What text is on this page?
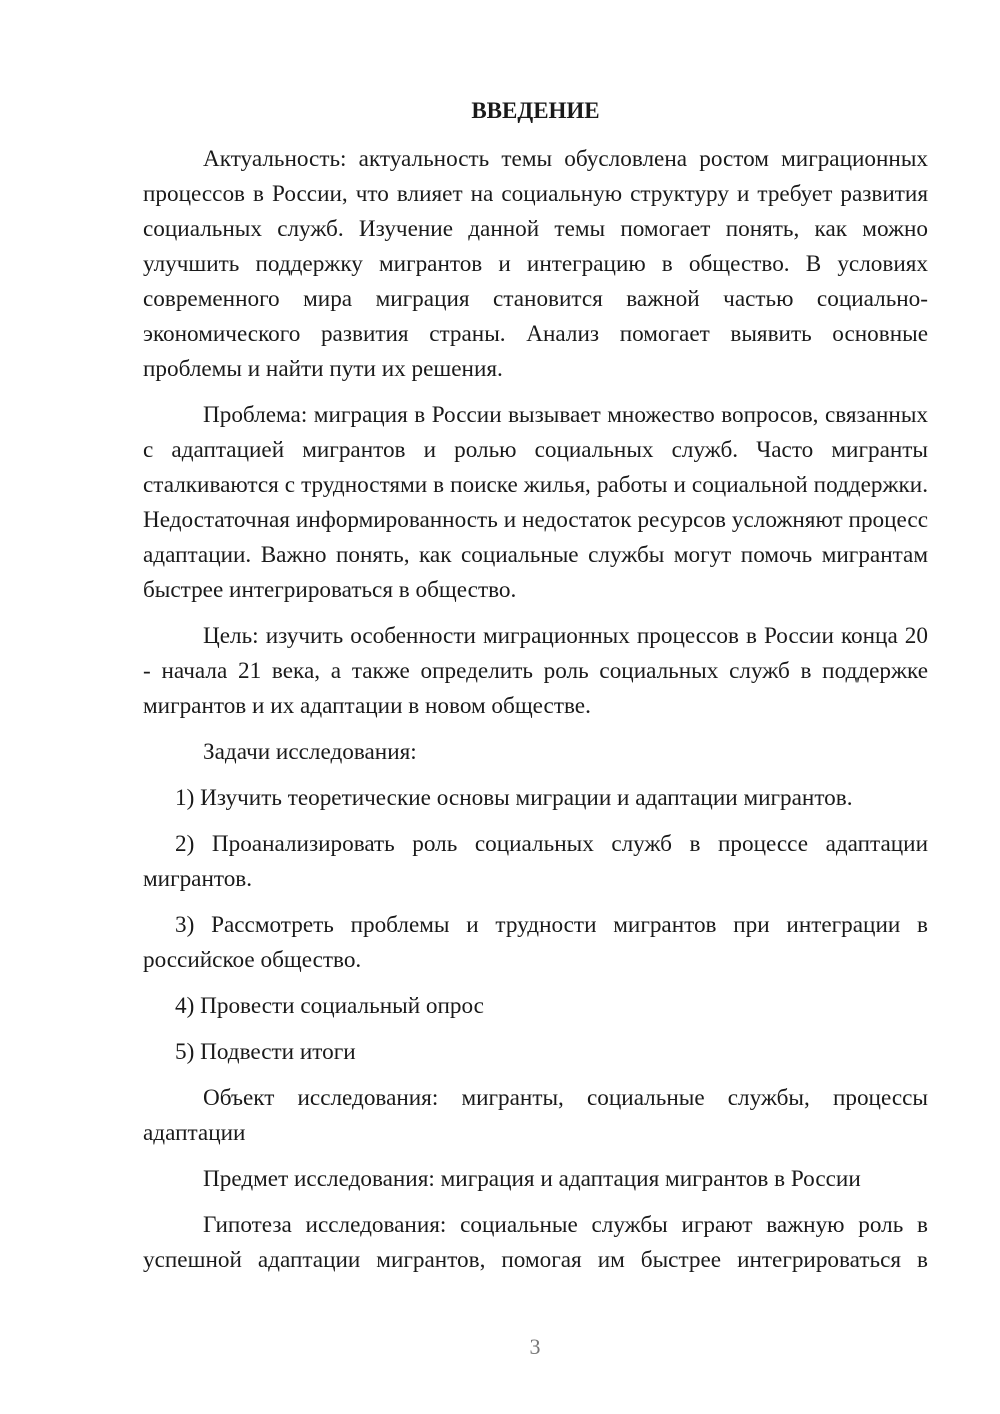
ВВЕДЕНИЕ

Актуальность: актуальность темы обусловлена ростом миграционных процессов в России, что влияет на социальную структуру и требует развития социальных служб. Изучение данной темы помогает понять, как можно улучшить поддержку мигрантов и интеграцию в общество. В условиях современного мира миграция становится важной частью социально-экономического развития страны. Анализ помогает выявить основные проблемы и найти пути их решения.

Проблема: миграция в России вызывает множество вопросов, связанных с адаптацией мигрантов и ролью социальных служб. Часто мигранты сталкиваются с трудностями в поиске жилья, работы и социальной поддержки. Недостаточная информированность и недостаток ресурсов усложняют процесс адаптации. Важно понять, как социальные службы могут помочь мигрантам быстрее интегрироваться в общество.

Цель: изучить особенности миграционных процессов в России конца 20 - начала 21 века, а также определить роль социальных служб в поддержке мигрантов и их адаптации в новом обществе.

Задачи исследования:

1) Изучить теоретические основы миграции и адаптации мигрантов.

2) Проанализировать роль социальных служб в процессе адаптации мигрантов.

3) Рассмотреть проблемы и трудности мигрантов при интеграции в российское общество.

4) Провести социальный опрос

5) Подвести итоги

Объект исследования: мигранты, социальные службы, процессы адаптации

Предмет исследования: миграция и адаптация мигрантов в России

Гипотеза исследования: социальные службы играют важную роль в успешной адаптации мигрантов, помогая им быстрее интегрироваться в

3
